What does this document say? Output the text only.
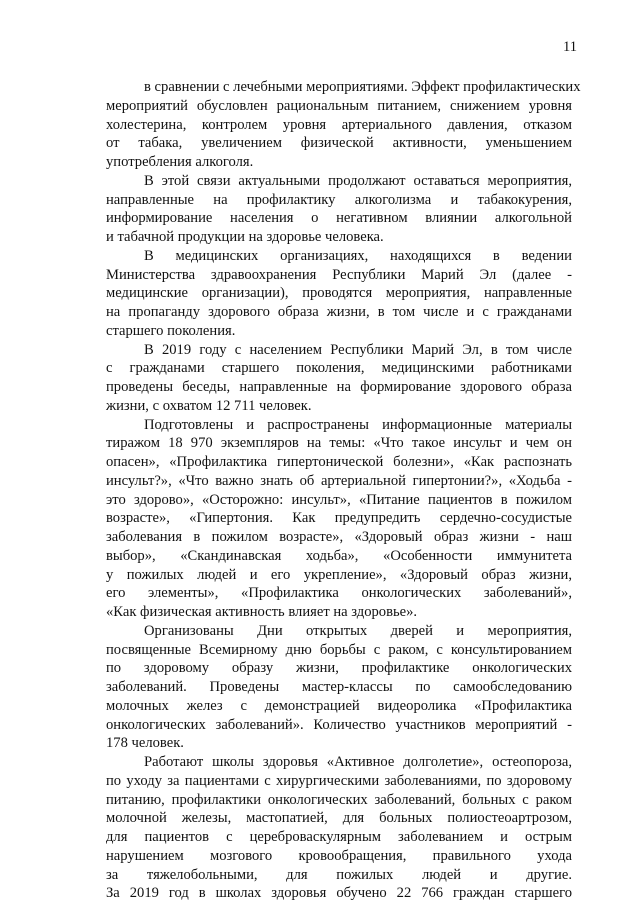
11
в сравнении с лечебными мероприятиями. Эффект профилактических
мероприятий обусловлен рациональным питанием, снижением уровня
холестерина, контролем уровня артериального давления, отказом
от табака, увеличением физической активности, уменьшением
употребления алкоголя.
В этой связи актуальными продолжают оставаться мероприятия,
направленные на профилактику алкоголизма и табакокурения,
информирование населения о негативном влиянии алкогольной
и табачной продукции на здоровье человека.
В медицинских организациях, находящихся в ведении
Министерства здравоохранения Республики Марий Эл (далее -
медицинские организации), проводятся мероприятия, направленные
на пропаганду здорового образа жизни, в том числе и с гражданами
старшего поколения.
В 2019 году с населением Республики Марий Эл, в том числе
с гражданами старшего поколения, медицинскими работниками
проведены беседы, направленные на формирование здорового образа
жизни, с охватом 12 711 человек.
Подготовлены и распространены информационные материалы
тиражом 18 970 экземпляров на темы: «Что такое инсульт и чем он
опасен», «Профилактика гипертонической болезни», «Как распознать
инсульт?», «Что важно знать об артериальной гипертонии?», «Ходьба -
это здорово», «Осторожно: инсульт», «Питание пациентов в пожилом
возрасте», «Гипертония. Как предупредить сердечно-сосудистые
заболевания в пожилом возрасте», «Здоровый образ жизни - наш
выбор», «Скандинавская ходьба», «Особенности иммунитета
у пожилых людей и его укрепление», «Здоровый образ жизни,
его элементы», «Профилактика онкологических заболеваний»,
«Как физическая активность влияет на здоровье».
Организованы Дни открытых дверей и мероприятия,
посвященные Всемирному дню борьбы с раком, с консультированием
по здоровому образу жизни, профилактике онкологических
заболеваний. Проведены мастер-классы по самообследованию
молочных желез с демонстрацией видеоролика «Профилактика
онкологических заболеваний». Количество участников мероприятий -
178 человек.
Работают школы здоровья «Активное долголетие», остеопороза,
по уходу за пациентами с хирургическими заболеваниями, по здоровому
питанию, профилактики онкологических заболеваний, больных с раком
молочной железы, мастопатией, для больных полиостеоартрозом,
для пациентов с цереброваскулярным заболеванием и острым
нарушением мозгового кровообращения, правильного ухода
за тяжелобольными, для пожилых людей и другие.
За 2019 год в школах здоровья обучено 22 766 граждан старшего
